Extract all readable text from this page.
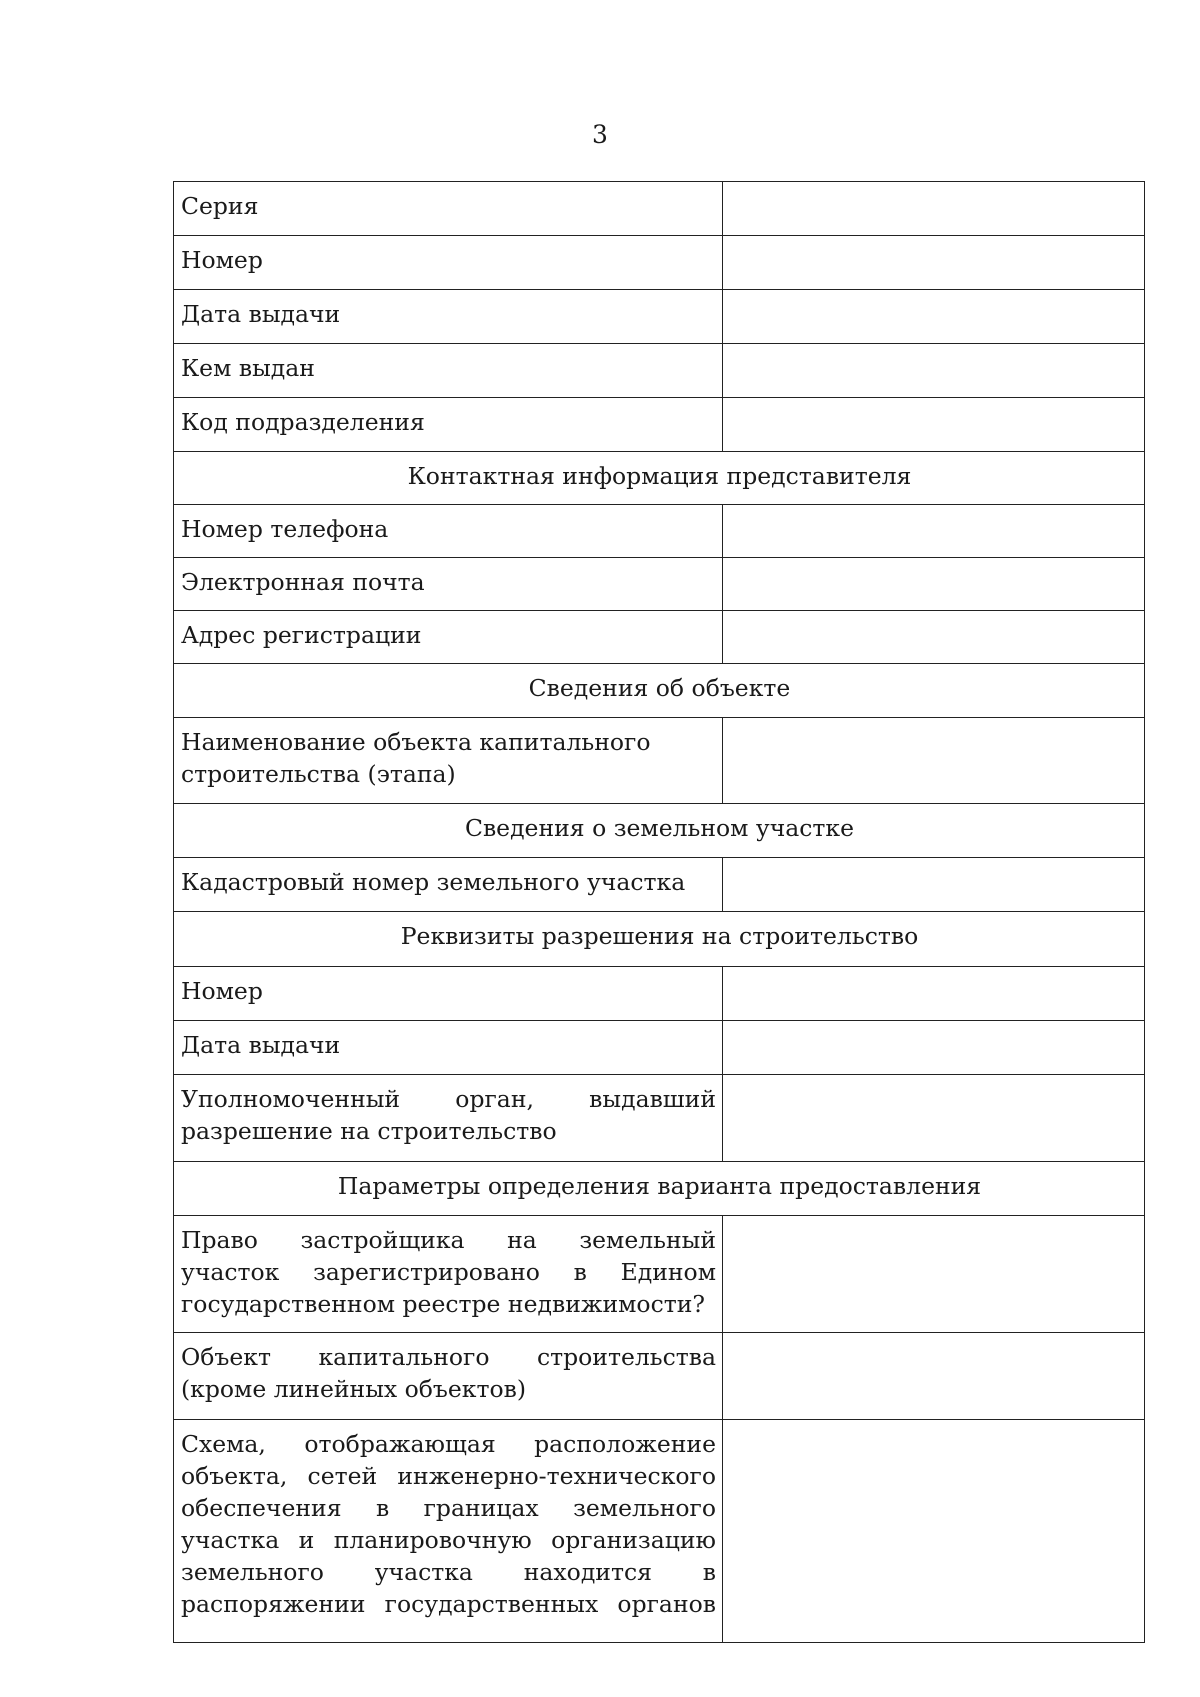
3
Серия	
Номер	
Дата выдачи	
Кем выдан	
Код подразделения	
Контактная информация представителя	
Номер телефона	
Электронная почта	
Адрес регистрации	
Сведения об объекте	
Наименование объекта капитального строительства (этапа)	
Сведения о земельном участке	
Кадастровый номер земельного участка	
Реквизиты разрешения на строительство	
Номер	
Дата выдачи	
Уполномоченный орган, выдавший разрешение на строительство	
Параметры определения варианта предоставления	
Право застройщика на земельный участок зарегистрировано в Едином государственном реестре недвижимости?	
Объект капитального строительства (кроме линейных объектов)	

Схема, отображающая расположение объекта, сетей инженерно-технического обеспечения в границах земельного участка и планировочную организацию земельного участка находится в распоряжении государственных органов	
